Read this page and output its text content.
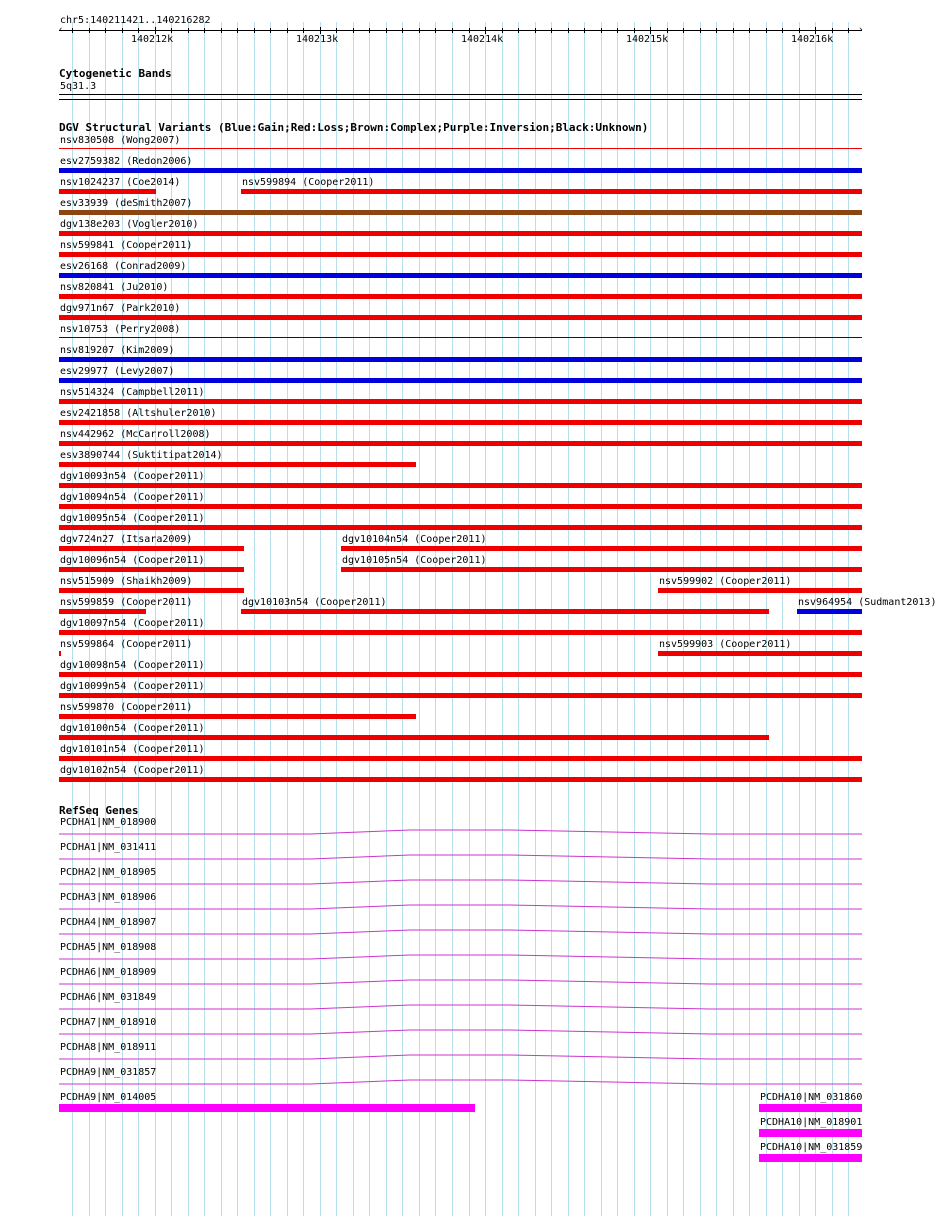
chr5:140211421..140216282
‹	›
140212k	140213k	140214k	140215k	140216k
Cytogenetic Bands
5q31.3
DGV Structural Variants (Blue:Gain;Red:Loss;Brown:Complex;Purple:Inversion;Black:Unknown)
nsv830508 (Wong2007)
esv2759382 (Redon2006)
nsv1024237 (Coe2014)	nsv599894 (Cooper2011)
esv33939 (deSmith2007)
dgv138e203 (Vogler2010)
nsv599841 (Cooper2011)
esv26168 (Conrad2009)
nsv820841 (Ju2010)
dgv971n67 (Park2010)
nsv10753 (Perry2008)
nsv819207 (Kim2009)
esv29977 (Levy2007)
nsv514324 (Campbell2011)
esv2421858 (Altshuler2010)
nsv442962 (McCarroll2008)
esv3890744 (Suktitipat2014)
dgv10093n54 (Cooper2011)
dgv10094n54 (Cooper2011)
dgv10095n54 (Cooper2011)
dgv724n27 (Itsara2009)	dgv10104n54 (Cooper2011)
dgv10096n54 (Cooper2011)	dgv10105n54 (Cooper2011)
nsv515909 (Shaikh2009)	nsv599902 (Cooper2011)
nsv599859 (Cooper2011)	dgv10103n54 (Cooper2011)	nsv964954 (Sudmant2013)
dgv10097n54 (Cooper2011)
nsv599864 (Cooper2011)	nsv599903 (Cooper2011)
dgv10098n54 (Cooper2011)
dgv10099n54 (Cooper2011)
nsv599870 (Cooper2011)
dgv10100n54 (Cooper2011)
dgv10101n54 (Cooper2011)
dgv10102n54 (Cooper2011)
RefSeq Genes
PCDHA1|NM_018900
PCDHA1|NM_031411
PCDHA2|NM_018905
PCDHA3|NM_018906
PCDHA4|NM_018907
PCDHA5|NM_018908
PCDHA6|NM_018909
PCDHA6|NM_031849
PCDHA7|NM_018910
PCDHA8|NM_018911
PCDHA9|NM_031857
PCDHA9|NM_014005	PCDHA10|NM_031860
PCDHA10|NM_018901
PCDHA10|NM_031859
